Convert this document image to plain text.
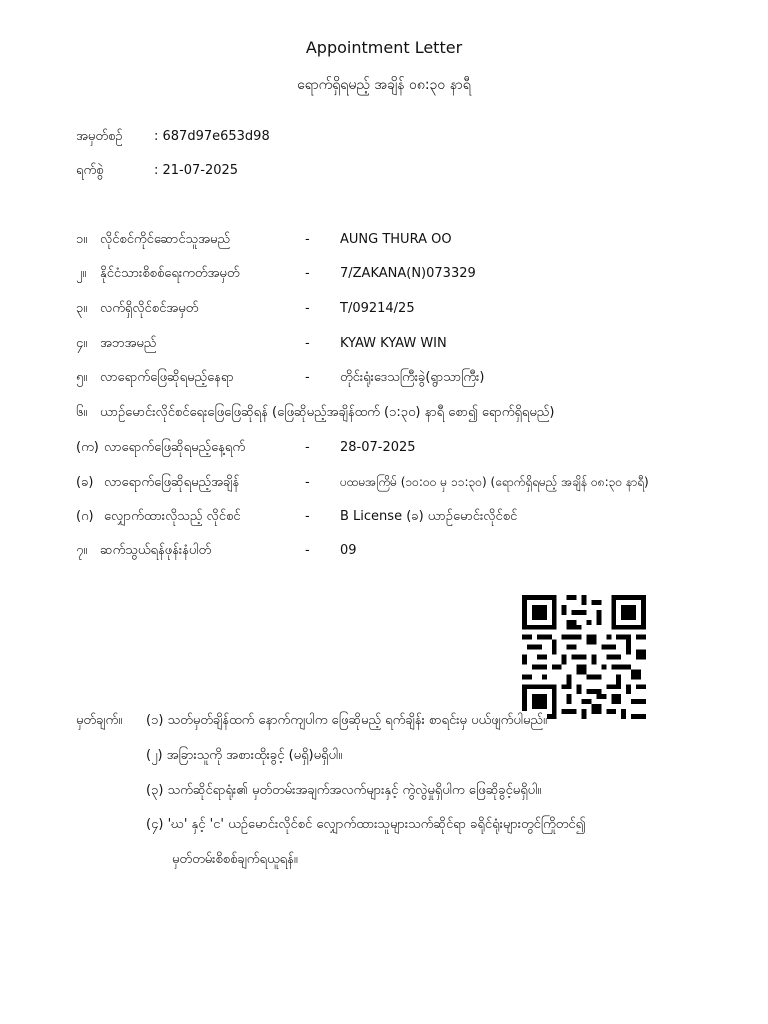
Appointment Letter
ရောက်ရှိရမည့် အချိန် ၀၈:၃၀ နာရီ
အမှတ်စဉ် : 687d97e653d98
ရက်စွဲ	: 21-07-2025
၁။ လိုင်စင်ကိုင်ဆောင်သူအမည်	- AUNG THURA OO
၂။ နိုင်ငံသားစိစစ်ရေးကတ်အမှတ်	- 7/ZAKANA(N)073329
၃။ လက်ရှိလိုင်စင်အမှတ်	- T/09214/25
၄။ အဘအမည်	- KYAW KYAW WIN
၅။ လာရောက်ဖြေဆိုရမည့်နေရာ	- တိုင်းရုံးဒေသကြီးခွဲ(ရွာသာကြီး)
၆။ ယာဉ်မောင်းလိုင်စင်ရေးဖြေဖြေဆိုရန် (ဖြေဆိုမည့်အချိန်ထက် (၁:၃၀) နာရီ စော၍ ရောက်ရှိရမည်)
(က) လာရောက်ဖြေဆိုရမည့်နေ့ရက်	- 28-07-2025
(ခ) လာရောက်ဖြေဆိုရမည့်အချိန်	-	ပထမအကြိမ် (၁၀:၀၀ မှ ၁၁:၃၀) (ရောက်ရှိရမည့် အချိန် ၀၈:၃၀ နာရီ)
(ဂ) လျှောက်ထားလိုသည့် လိုင်စင်	- B License (ခ) ယာဉ်မောင်းလိုင်စင်
၇။ ဆက်သွယ်ရန်ဖုန်းနံပါတ်	- 09
မှတ်ချက်။ (၁) သတ်မှတ်ချိန်ထက် နောက်ကျပါက ဖြေဆိုမည့် ရက်ချိန်း စာရင်းမှ ပယ်ဖျက်ပါမည်။
(၂) အခြားသူကို အစားထိုးခွင့် (မရှိ)မရှိပါ။
(၃) သက်ဆိုင်ရာရုံး၏ မှတ်တမ်းအချက်အလက်များနှင့် ကွဲလွဲမှုရှိပါက ဖြေဆိုခွင့်မရှိပါ။
(၄) 'ဃ' နှင့် 'င' ယဉ်မောင်းလိုင်စင် လျှောက်ထားသူများသက်ဆိုင်ရာ ခရိုင်ရုံးများတွင်ကြိုတင်၍
မှတ်တမ်းစိစစ်ချက်ရယူရန်။
